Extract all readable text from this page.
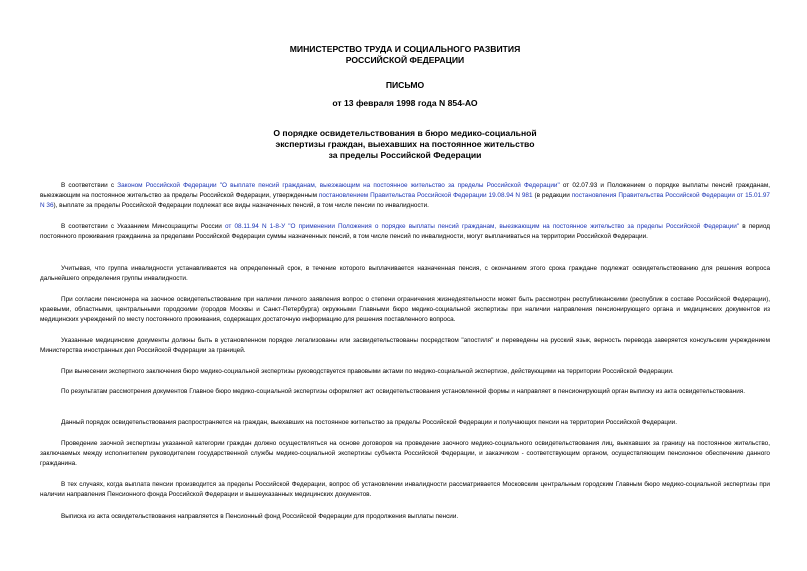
МИНИСТЕРСТВО ТРУДА И СОЦИАЛЬНОГО РАЗВИТИЯ
РОССИЙСКОЙ ФЕДЕРАЦИИ
ПИСЬМО
от 13 февраля 1998 года N 854-АО
О порядке освидетельствования в бюро медико-социальной
экспертизы граждан, выехавших на постоянное жительство
за пределы Российской Федерации

В соответствии с Законом Российской Федерации "О выплате пенсий гражданам, выезжающим на постоянное жительство за пределы Российской Федерации" от 02.07.93 и Положением о порядке выплаты пенсий гражданам, выезжающим на постоянное жительство за пределы Российской Федерации, утвержденным постановлением Правительства Российской Федерации 19.08.94 N 981 (в редакции постановления Правительства Российской Федерации от 15.01.97 N 36), выплате за пределы Российской Федерации подлежат все виды назначенных пенсий, в том числе пенсии по инвалидности.

В соответствии с Указанием Минсоцзащиты России от 08.11.94 N 1-8-У "О применении Положения о порядке выплаты пенсий гражданам, выезжающим на постоянное жительство за пределы Российской Федерации" в период постоянного проживания гражданина за пределами Российской Федерации суммы назначенных пенсий, в том числе пенсий по инвалидности, могут выплачиваться на территории Российской Федерации.

Учитывая, что группа инвалидности устанавливается на определенный срок, в течение которого выплачивается назначенная пенсия, с окончанием этого срока граждане подлежат освидетельствованию для решения вопроса дальнейшего определения группы инвалидности.

При согласии пенсионера на заочное освидетельствование при наличии личного заявления вопрос о степени ограничения жизнедеятельности может быть рассмотрен республиканскими (республик в составе Российской Федерации), краевыми, областными, центральными городскими (городов Москвы и Санкт-Петербурга) окружными Главными бюро медико-социальной экспертизы при наличии направления пенсионирующего органа и медицинских документов из медицинских учреждений по месту постоянного проживания, содержащих достаточную информацию для решения поставленного вопроса.

Указанные медицинские документы должны быть в установленном порядке легализованы или засвидетельствованы посредством "апостиля" и переведены на русский язык, верность перевода заверяется консульским учреждением Министерства иностранных дел Российской Федерации за границей.

При вынесении экспертного заключения бюро медико-социальной экспертизы руководствуется правовыми актами по медико-социальной экспертизе, действующими на территории Российской Федерации.

По результатам рассмотрения документов Главное бюро медико-социальной экспертизы оформляет акт освидетельствования установленной формы и направляет в пенсионирующий орган выписку из акта освидетельствования.

Данный порядок освидетельствования распространяется на граждан, выехавших на постоянное жительство за пределы Российской Федерации и получающих пенсии на территории Российской Федерации.

Проведение заочной экспертизы указанной категории граждан должно осуществляться на основе договоров на проведение заочного медико-социального освидетельствования лиц, выехавших за границу на постоянное жительство, заключаемых между исполнителем руководителем государственной службы медико-социальной экспертизы субъекта Российской Федерации, и заказчиком - соответствующим органом, осуществляющим пенсионное обеспечение данного гражданина.

В тех случаях, когда выплата пенсии производится за пределы Российской Федерации, вопрос об установлении инвалидности рассматривается Московским центральным городским Главным бюро медико-социальной экспертизы при наличии направления Пенсионного фонда Российской Федерации и вышеуказанных медицинских документов.

Выписка из акта освидетельствования направляется в Пенсионный фонд Российской Федерации для продолжения выплаты пенсии.
